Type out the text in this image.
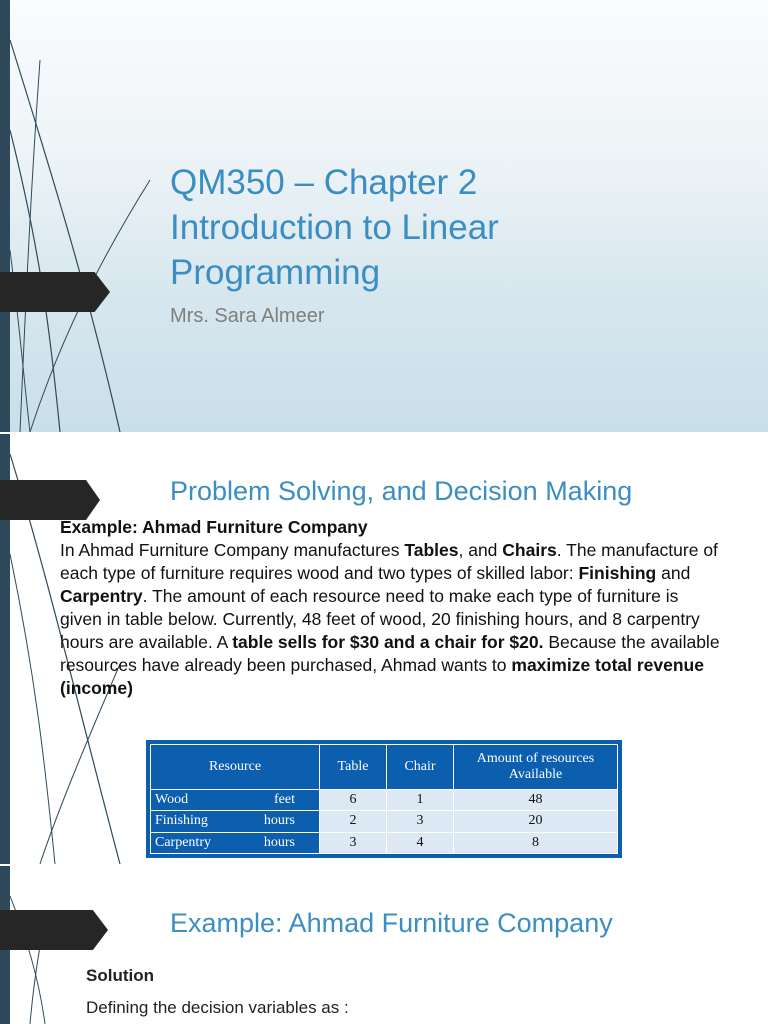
QM350 – Chapter 2
Introduction to Linear
Programming
Mrs. Sara Almeer
Problem Solving, and Decision Making

Example: Ahmad Furniture Company

In Ahmad Furniture Company manufactures Tables, and Chairs. The manufacture of each type of furniture requires wood and two types of skilled labor: Finishing and Carpentry. The amount of each resource need to make each type of furniture is given in table below. Currently, 48 feet of wood, 20 finishing hours, and 8 carpentry hours are available. A table sells for $30 and a chair for $20. Because the available resources have already been purchased, Ahmad wants to maximize total revenue (income)

Resource	Table	Chair	Amount of resources
Available

Wood feet	6	1	48
Finishing hours	2	3	20
Carpentry hours	3	4	8
Example: Ahmad Furniture Company
Solution
Defining the decision variables as :
